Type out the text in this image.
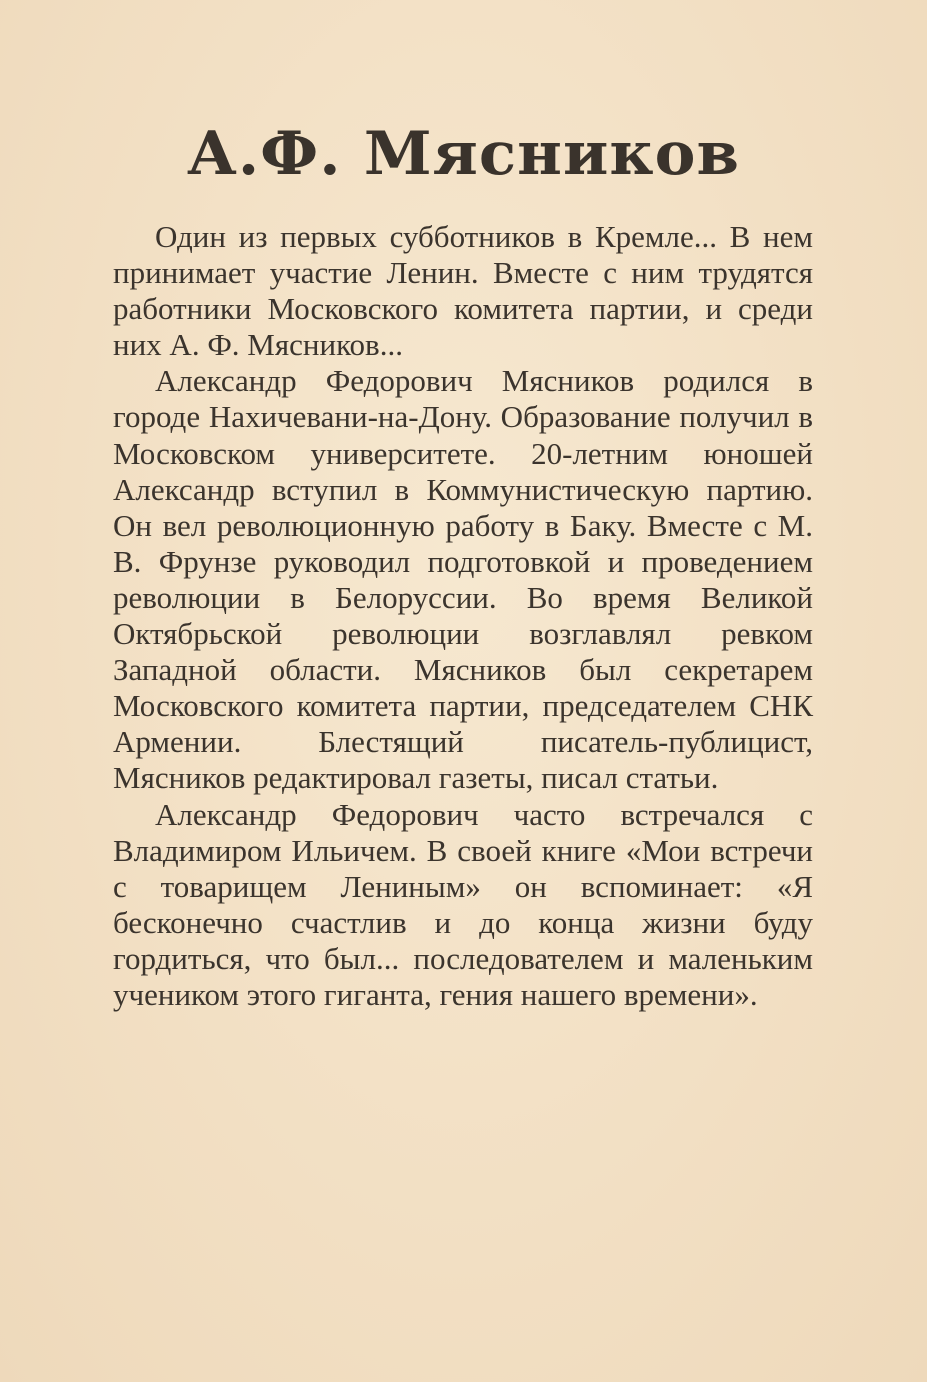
А.Ф. Мясников

Один из первых субботников в Кремле... В нем принимает участие Ленин. Вместе с ним трудятся работники Московского комитета партии, и среди них А. Ф. Мясников...

Александр Федорович Мясников родился в городе Нахичевани-на-Дону. Образование получил в Московском университете. 20-летним юношей Александр вступил в Коммунистическую партию. Он вел революционную работу в Баку. Вместе с М. В. Фрунзе руководил подготовкой и проведением революции в Белоруссии. Во время Великой Октябрьской революции возглавлял ревком Западной области. Мясников был секретарем Московского комитета партии, председателем СНК Армении. Блестящий писатель-публицист, Мясников редактировал газеты, писал статьи.

Александр Федорович часто встречался с Владимиром Ильичем. В своей книге «Мои встречи с товарищем Лениным» он вспоминает: «Я бесконечно счастлив и до конца жизни буду гордиться, что был... последователем и маленьким учеником этого гиганта, гения нашего времени».
